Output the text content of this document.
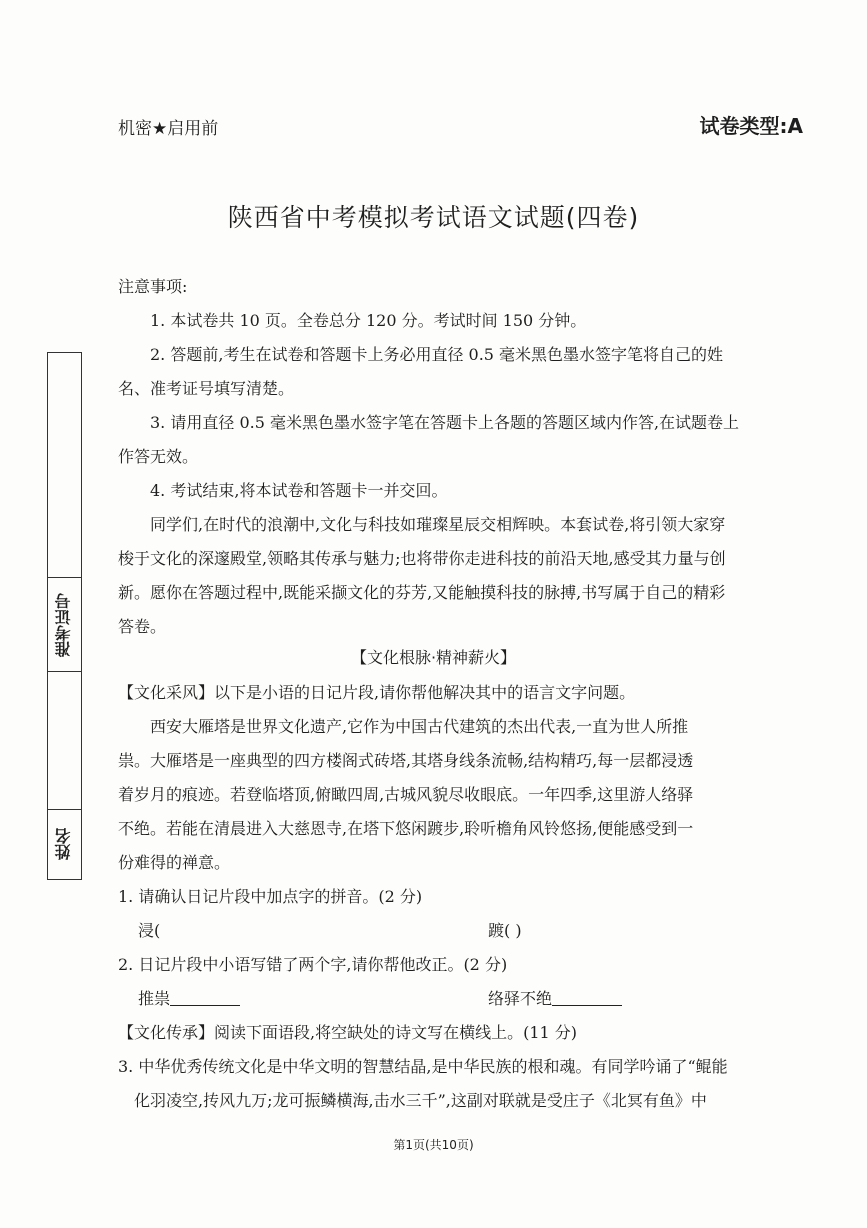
机密★启用前	试卷类型:A
陕西省中考模拟考试语文试题(四卷)
准考证号
姓名
注意事项:
1. 本试卷共 10 页。全卷总分 120 分。考试时间 150 分钟。
2. 答题前,考生在试卷和答题卡上务必用直径 0.5 毫米黑色墨水签字笔将自己的姓
名、准考证号填写清楚。
3. 请用直径 0.5 毫米黑色墨水签字笔在答题卡上各题的答题区域内作答,在试题卷上
作答无效。
4. 考试结束,将本试卷和答题卡一并交回。
同学们,在时代的浪潮中,文化与科技如璀璨星辰交相辉映。本套试卷,将引领大家穿
梭于文化的深邃殿堂,领略其传承与魅力;也将带你走进科技的前沿天地,感受其力量与创
新。愿你在答题过程中,既能采撷文化的芬芳,又能触摸科技的脉搏,书写属于自己的精彩
答卷。
【文化根脉·精神薪火】
【文化采风】以下是小语的日记片段,请你帮他解决其中的语言文字问题。
西安大雁塔是世界文化遗产,它作为中国古代建筑的杰出代表,一直为世人所推
祟。大雁塔是一座典型的四方楼阁式砖塔,其塔身线条流畅,结构精巧,每一层都浸透
着岁月的痕迹。若登临塔顶,俯瞰四周,古城风貌尽收眼底。一年四季,这里游人络驿
不绝。若能在清晨进入大慈恩寺,在塔下悠闲踱步,聆听檐角风铃悠扬,便能感受到一
份难得的禅意。
1. 请确认日记片段中加点字的拼音。(2 分)
浸(	踱( )
2. 日记片段中小语写错了两个字,请你帮他改正。(2 分)
推祟	络驿不绝
【文化传承】阅读下面语段,将空缺处的诗文写在横线上。(11 分)
3. 中华优秀传统文化是中华文明的智慧结晶,是中华民族的根和魂。有同学吟诵了“鲲能
化羽凌空,抟风九万;龙可振鳞横海,击水三千”,这副对联就是受庄子《北冥有鱼》中
第1页(共10页)
